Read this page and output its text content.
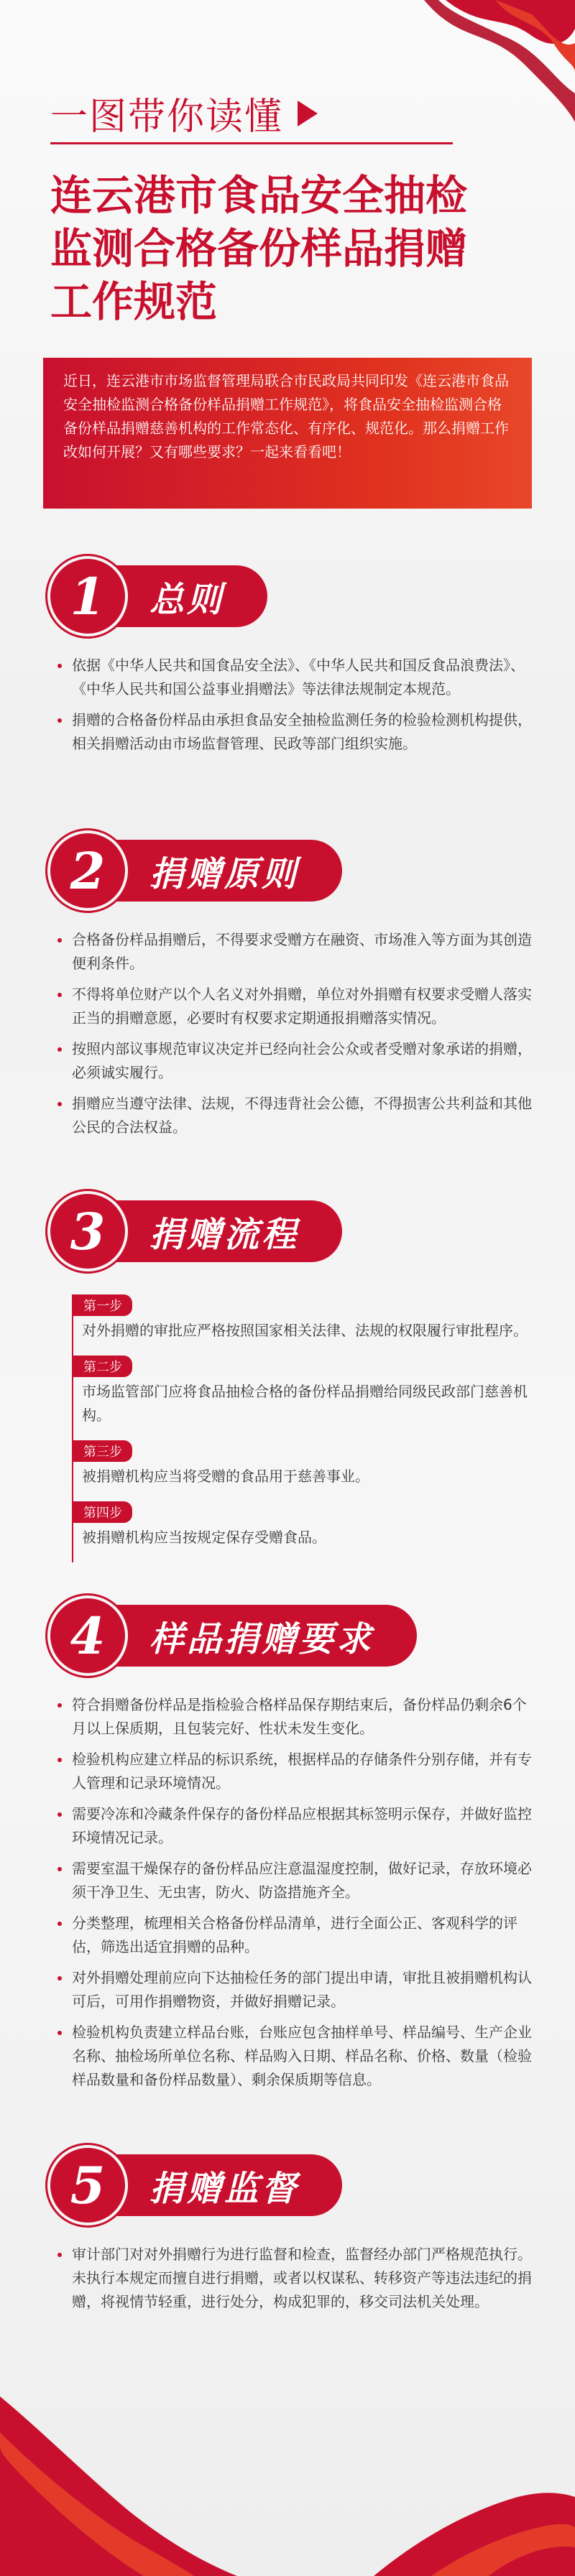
一图带你读懂
连云港市食品安全抽检
监测合格备份样品捐赠
工作规范
近日，连云港市市场监督管理局联合市民政局共同印发《连云港市食品安全抽检监测合格备份样品捐赠工作规范》，将食品安全抽检监测合格备份样品捐赠慈善机构的工作常态化、有序化、规范化。那么捐赠工作改如何开展？又有哪些要求？一起来看看吧！
1	总则
依据《中华人民共和国食品安全法》、《中华人民共和国反食品浪费法》、《中华人民共和国公益事业捐赠法》等法律法规制定本规范。
捐赠的合格备份样品由承担食品安全抽检监测任务的检验检测机构提供，相关捐赠活动由市场监督管理、民政等部门组织实施。
2	捐赠原则
合格备份样品捐赠后，不得要求受赠方在融资、市场准入等方面为其创造便利条件。
不得将单位财产以个人名义对外捐赠，单位对外捐赠有权要求受赠人落实正当的捐赠意愿，必要时有权要求定期通报捐赠落实情况。
按照内部议事规范审议决定并已经向社会公众或者受赠对象承诺的捐赠，必须诚实履行。
捐赠应当遵守法律、法规，不得违背社会公德，不得损害公共利益和其他公民的合法权益。
3	捐赠流程
第一步
对外捐赠的审批应严格按照国家相关法律、法规的权限履行审批程序。
第二步
市场监管部门应将食品抽检合格的备份样品捐赠给同级民政部门慈善机构。
第三步
被捐赠机构应当将受赠的食品用于慈善事业。
第四步
被捐赠机构应当按规定保存受赠食品。
4	样品捐赠要求
符合捐赠备份样品是指检验合格样品保存期结束后，备份样品仍剩余6个月以上保质期，且包装完好、性状未发生变化。
检验机构应建立样品的标识系统，根据样品的存储条件分别存储，并有专人管理和记录环境情况。
需要冷冻和冷藏条件保存的备份样品应根据其标签明示保存，并做好监控环境情况记录。
需要室温干燥保存的备份样品应注意温湿度控制，做好记录，存放环境必须干净卫生、无虫害，防火、防盗措施齐全。
分类整理，梳理相关合格备份样品清单，进行全面公正、客观科学的评估，筛选出适宜捐赠的品种。
对外捐赠处理前应向下达抽检任务的部门提出申请，审批且被捐赠机构认可后，可用作捐赠物资，并做好捐赠记录。
检验机构负责建立样品台账，台账应包含抽样单号、样品编号、生产企业名称、抽检场所单位名称、样品购入日期、样品名称、价格、数量（检验样品数量和备份样品数量）、剩余保质期等信息。
5	捐赠监督
审计部门对对外捐赠行为进行监督和检查，监督经办部门严格规范执行。未执行本规定而擅自进行捐赠，或者以权谋私、转移资产等违法违纪的捐赠，将视情节轻重，进行处分，构成犯罪的，移交司法机关处理。
